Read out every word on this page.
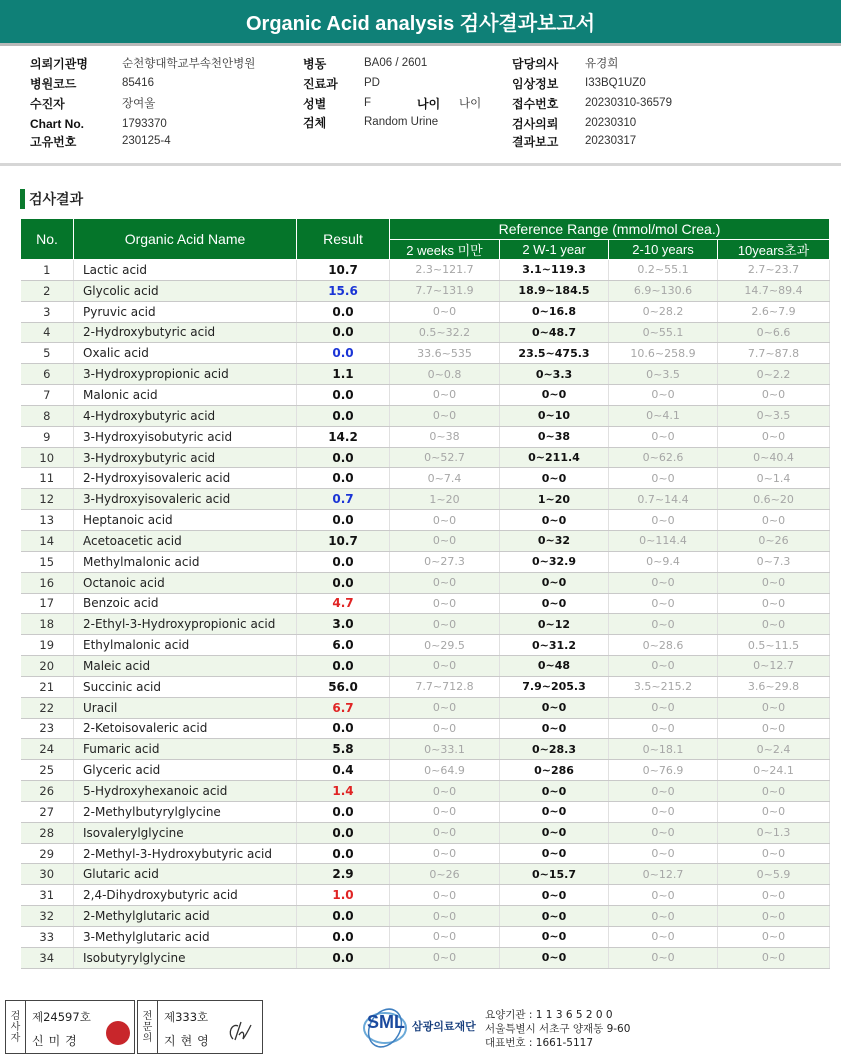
Organic Acid analysis 검사결과보고서
의뢰기관명	순천향대학교부속천안병원
병원코드	85416
수진자	장여울
Chart No.	1793370
고유번호	230125-4
병동	BA06 / 2601
진료과	PD
성별	F	나이	나이
검체	Random Urine
담당의사	유경희
임상정보	I33BQ1UZ0
접수번호	20230310-36579
검사의뢰	20230310
결과보고	20230317
검사결과
No.	Organic Acid Name	Result	Reference Range (mmol/mol Crea.)			
			2 weeks 미만	2 W-1 year	2-10 years	10years초과
1	Lactic acid	10.7	2.3~121.7	3.1~119.3	0.2~55.1	2.7~23.7
2	Glycolic acid	15.6	7.7~131.9	18.9~184.5	6.9~130.6	14.7~89.4
3	Pyruvic acid	0.0	0~0	0~16.8	0~28.2	2.6~7.9
4	2-Hydroxybutyric acid	0.0	0.5~32.2	0~48.7	0~55.1	0~6.6
5	Oxalic acid	0.0	33.6~535	23.5~475.3	10.6~258.9	7.7~87.8
6	3-Hydroxypropionic acid	1.1	0~0.8	0~3.3	0~3.5	0~2.2
7	Malonic acid	0.0	0~0	0~0	0~0	0~0
8	4-Hydroxybutyric acid	0.0	0~0	0~10	0~4.1	0~3.5
9	3-Hydroxyisobutyric acid	14.2	0~38	0~38	0~0	0~0
10	3-Hydroxybutyric acid	0.0	0~52.7	0~211.4	0~62.6	0~40.4
11	2-Hydroxyisovaleric acid	0.0	0~7.4	0~0	0~0	0~1.4
12	3-Hydroxyisovaleric acid	0.7	1~20	1~20	0.7~14.4	0.6~20
13	Heptanoic acid	0.0	0~0	0~0	0~0	0~0
14	Acetoacetic acid	10.7	0~0	0~32	0~114.4	0~26
15	Methylmalonic acid	0.0	0~27.3	0~32.9	0~9.4	0~7.3
16	Octanoic acid	0.0	0~0	0~0	0~0	0~0
17	Benzoic acid	4.7	0~0	0~0	0~0	0~0
18	2-Ethyl-3-Hydroxypropionic acid	3.0	0~0	0~12	0~0	0~0
19	Ethylmalonic acid	6.0	0~29.5	0~31.2	0~28.6	0.5~11.5
20	Maleic acid	0.0	0~0	0~48	0~0	0~12.7
21	Succinic acid	56.0	7.7~712.8	7.9~205.3	3.5~215.2	3.6~29.8
22	Uracil	6.7	0~0	0~0	0~0	0~0
23	2-Ketoisovaleric acid	0.0	0~0	0~0	0~0	0~0
24	Fumaric acid	5.8	0~33.1	0~28.3	0~18.1	0~2.4
25	Glyceric acid	0.4	0~64.9	0~286	0~76.9	0~24.1
26	5-Hydroxyhexanoic acid	1.4	0~0	0~0	0~0	0~0
27	2-Methylbutyrylglycine	0.0	0~0	0~0	0~0	0~0
28	Isovalerylglycine	0.0	0~0	0~0	0~0	0~1.3
29	2-Methyl-3-Hydroxybutyric acid	0.0	0~0	0~0	0~0	0~0
30	Glutaric acid	2.9	0~26	0~15.7	0~12.7	0~5.9
31	2,4-Dihydroxybutyric acid	1.0	0~0	0~0	0~0	0~0
32	2-Methylglutaric acid	0.0	0~0	0~0	0~0	0~0
33	3-Methylglutaric acid	0.0	0~0	0~0	0~0	0~0
34	Isobutyrylglycine	0.0	0~0	0~0	0~0	0~0
검
사
자
제24597호
신미경
전
문
의
제333호
지현영
SML 삼광의료재단
요양기관 : 1 1 3 6 5 2 0 0
서울특별시 서초구 양재동 9-60
대표번호 : 1661-5117
